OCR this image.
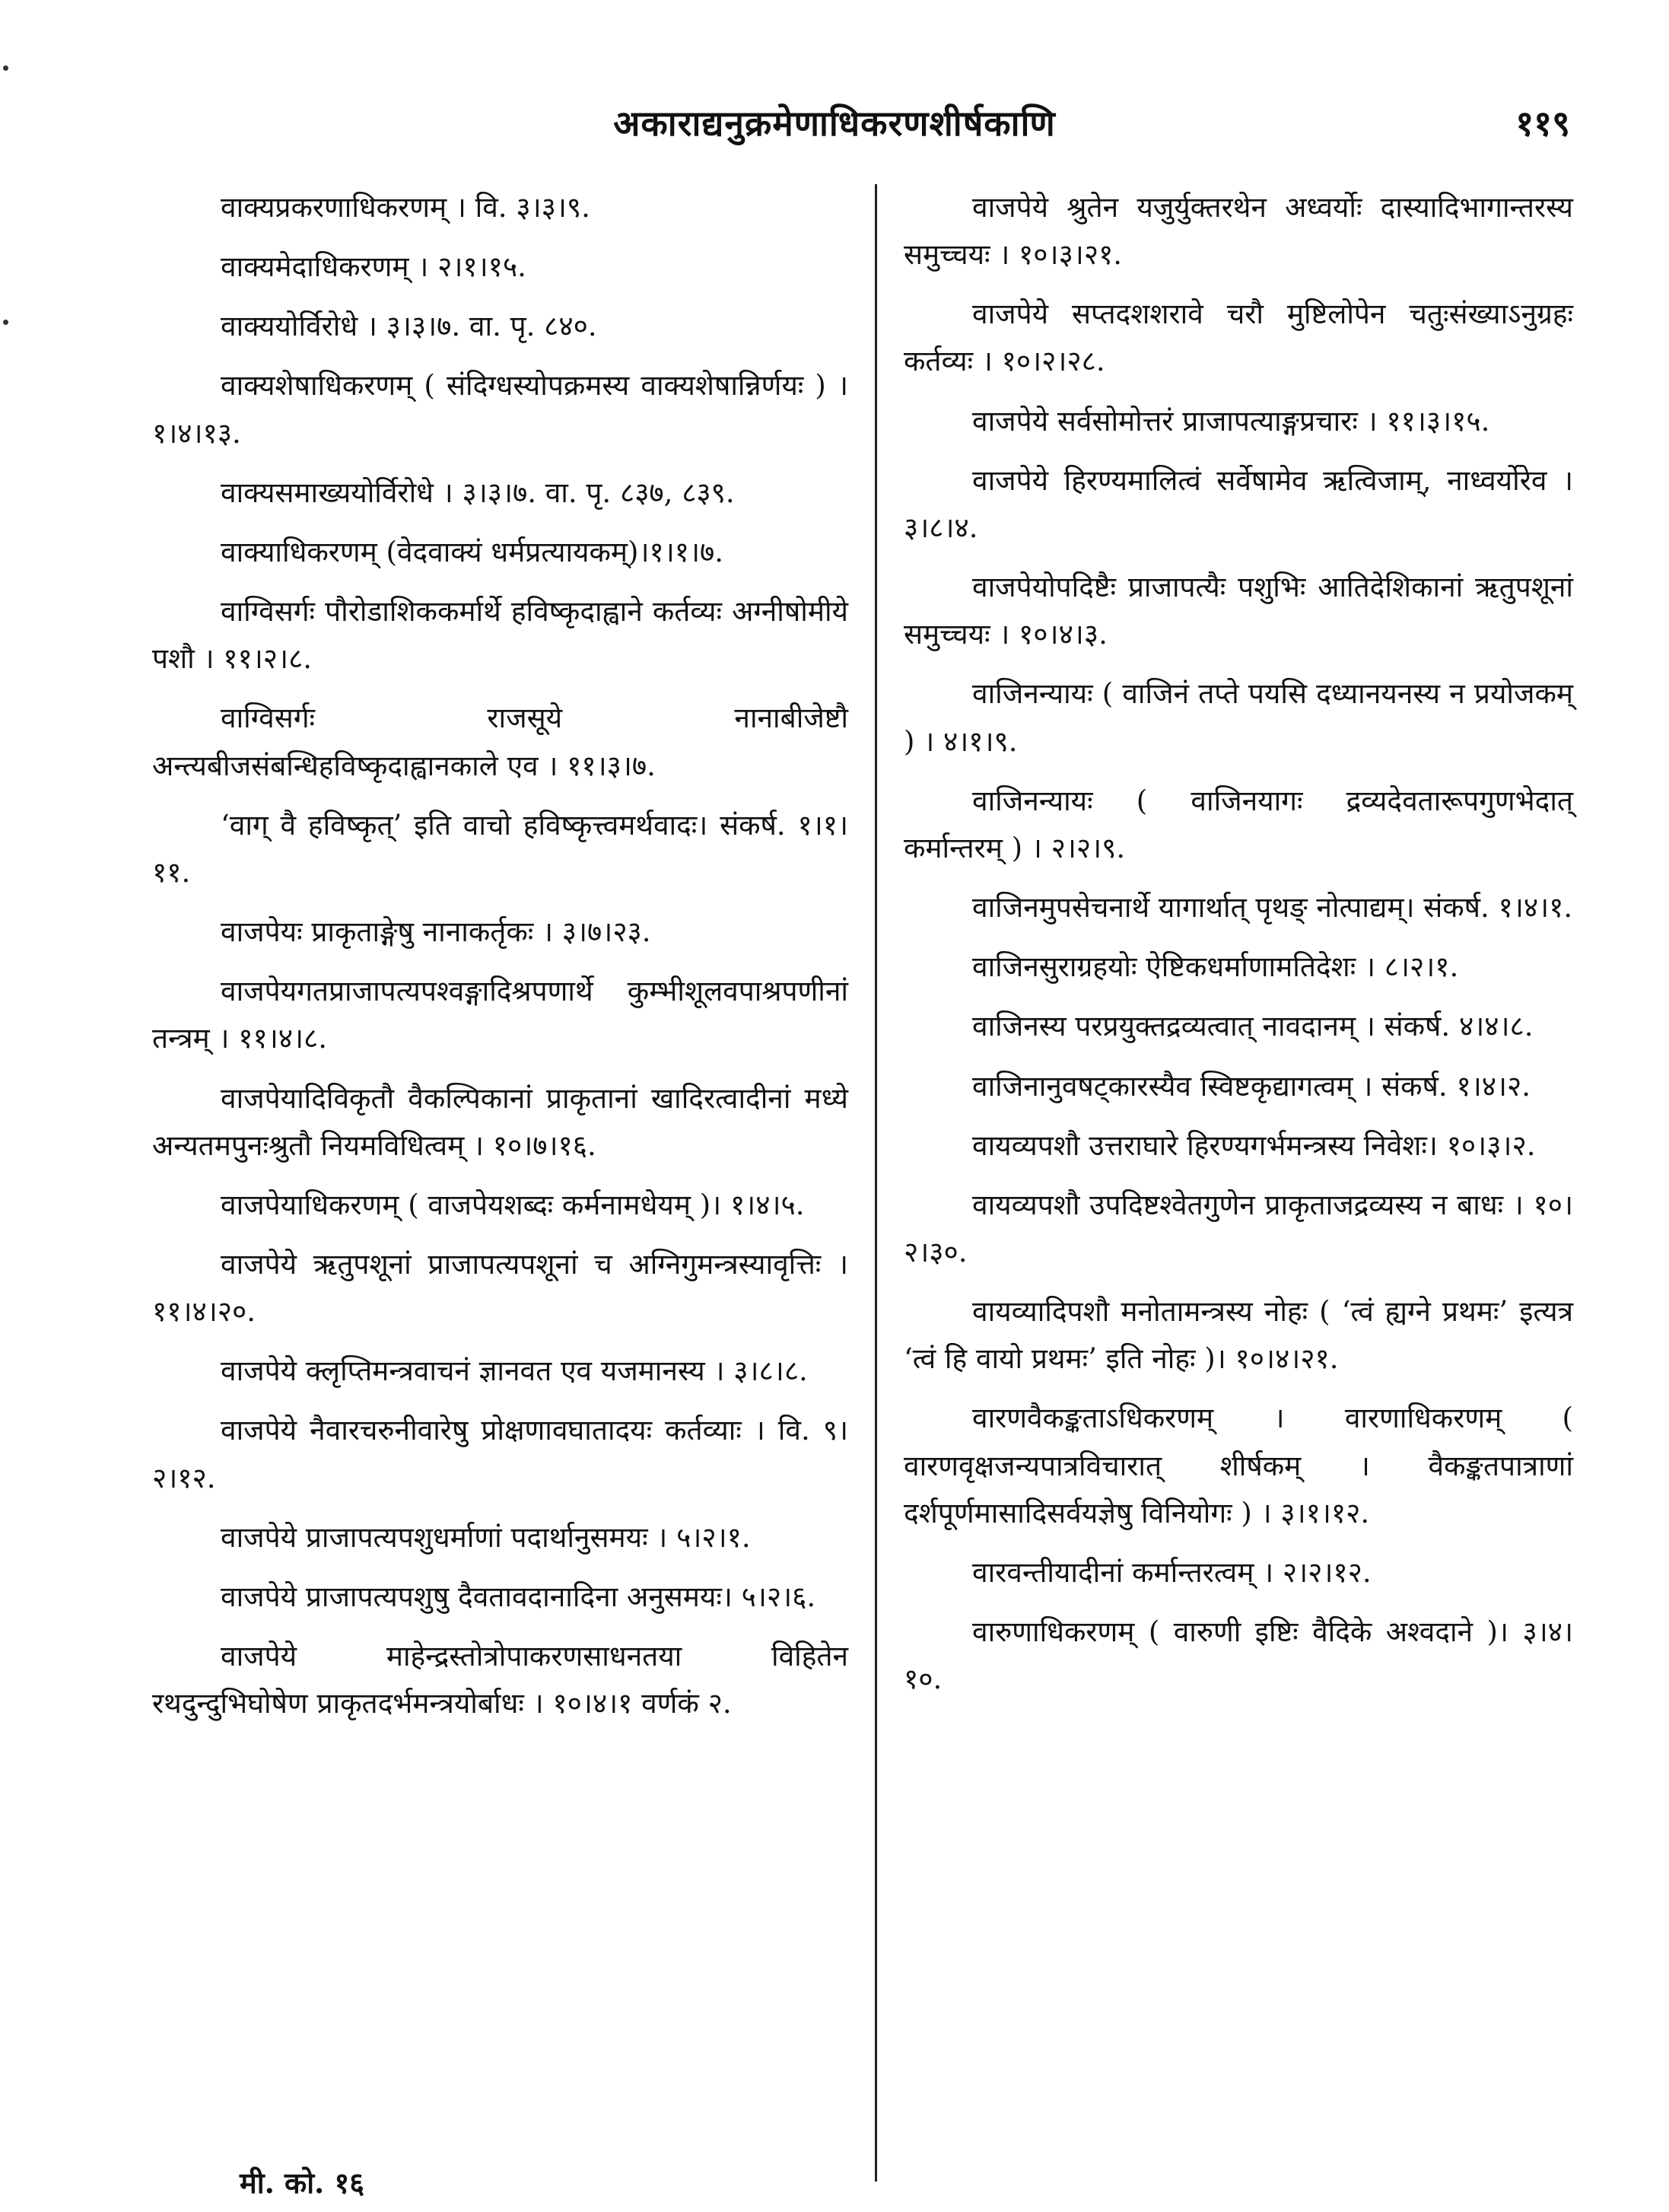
अकाराद्यनुक्रमेणाधिकरणशीर्षकाणि	११९

वाक्यप्रकरणाधिकरणम् । वि. ३।३।९.

वाक्यमेदाधिकरणम् । २।१।१५.

वाक्ययोर्विरोधे । ३।३।७. वा. पृ. ८४०.

वाक्यशेषाधिकरणम् ( संदिग्धस्योपक्रमस्य वाक्यशेषान्निर्णयः ) । १।४।१३.

वाक्यसमाख्ययोर्विरोधे । ३।३।७. वा. पृ. ८३७, ८३९.

वाक्याधिकरणम् (वेदवाक्यं धर्मप्रत्यायकम्)।१।१।७.

वाग्विसर्गः पौरोडाशिककर्मार्थे हविष्कृदाह्वाने कर्तव्यः अग्नीषोमीये पशौ । ११।२।८.

वाग्विसर्गः राजसूये नानाबीजेष्टौ अन्त्यबीजसंबन्धिहविष्कृदाह्वानकाले एव । ११।३।७.

‘वाग् वै हविष्कृत्’ इति वाचो हविष्कृत्त्वमर्थवादः। संकर्ष. १।१।११.

वाजपेयः प्राकृताङ्गेषु नानाकर्तृकः । ३।७।२३.

वाजपेयगतप्राजापत्यपश्वङ्गादिश्रपणार्थे कुम्भीशूलवपाश्रपणीनां तन्त्रम् । ११।४।८.

वाजपेयादिविकृतौ वैकल्पिकानां प्राकृतानां खादिरत्वादीनां मध्ये अन्यतमपुनःश्रुतौ नियमविधित्वम् । १०।७।१६.

वाजपेयाधिकरणम् ( वाजपेयशब्दः कर्मनामधेयम् )। १।४।५.

वाजपेये ऋतुपशूनां प्राजापत्यपशूनां च अग्निगुमन्त्रस्यावृत्तिः । ११।४।२०.

वाजपेये क्लृप्तिमन्त्रवाचनं ज्ञानवत एव यजमानस्य । ३।८।८.

वाजपेये नैवारचरुनीवारेषु प्रोक्षणावघातादयः कर्तव्याः । वि. ९।२।१२.

वाजपेये प्राजापत्यपशुधर्माणां पदार्थानुसमयः । ५।२।१.

वाजपेये प्राजापत्यपशुषु दैवतावदानादिना अनुसमयः। ५।२।६.

वाजपेये माहेन्द्रस्तोत्रोपाकरणसाधनतया विहितेन रथदुन्दुभिघोषेण प्राकृतदर्भमन्त्रयोर्बाधः । १०।४।१ वर्णकं २.

वाजपेये श्रुतेन यजुर्युक्तरथेन अध्वर्योः दास्यादिभागान्तरस्य समुच्चयः । १०।३।२१.

वाजपेये सप्तदशशरावे चरौ मुष्टिलोपेन चतुःसंख्याऽनुग्रहः कर्तव्यः । १०।२।२८.

वाजपेये सर्वसोमोत्तरं प्राजापत्याङ्गप्रचारः । ११।३।१५.

वाजपेये हिरण्यमालित्वं सर्वेषामेव ऋत्विजाम्, नाध्वर्योरेव । ३।८।४.

वाजपेयोपदिष्टैः प्राजापत्यैः पशुभिः आतिदेशिकानां ऋतुपशूनां समुच्चयः । १०।४।३.

वाजिनन्यायः ( वाजिनं तप्ते पयसि दध्यानयनस्य न प्रयोजकम् ) । ४।१।९.

वाजिनन्यायः ( वाजिनयागः द्रव्यदेवतारूपगुणभेदात् कर्मान्तरम् ) । २।२।९.

वाजिनमुपसेचनार्थे यागार्थात् पृथङ् नोत्पाद्यम्। संकर्ष. १।४।१.

वाजिनसुराग्रहयोः ऐष्टिकधर्माणामतिदेशः । ८।२।१.

वाजिनस्य परप्रयुक्तद्रव्यत्वात् नावदानम् । संकर्ष. ४।४।८.

वाजिनानुवषट्कारस्यैव स्विष्टकृद्यागत्वम् । संकर्ष. १।४।२.

वायव्यपशौ उत्तराघारे हिरण्यगर्भमन्त्रस्य निवेशः। १०।३।२.

वायव्यपशौ उपदिष्टश्वेतगुणेन प्राकृताजद्रव्यस्य न बाधः । १०।२।३०.

वायव्यादिपशौ मनोतामन्त्रस्य नोहः ( ‘त्वं ह्यग्ने प्रथमः’ इत्यत्र ‘त्वं हि वायो प्रथमः’ इति नोहः )। १०।४।२१.

वारणवैकङ्कताऽधिकरणम् । वारणाधिकरणम् ( वारणवृक्षजन्यपात्रविचारात् शीर्षकम् । वैकङ्कतपात्राणां दर्शपूर्णमासादिसर्वयज्ञेषु विनियोगः ) । ३।१।१२.

वारवन्तीयादीनां कर्मान्तरत्वम् । २।२।१२.

वारुणाधिकरणम् ( वारुणी इष्टिः वैदिके अश्वदाने )। ३।४।१०.

मी. को. १६
